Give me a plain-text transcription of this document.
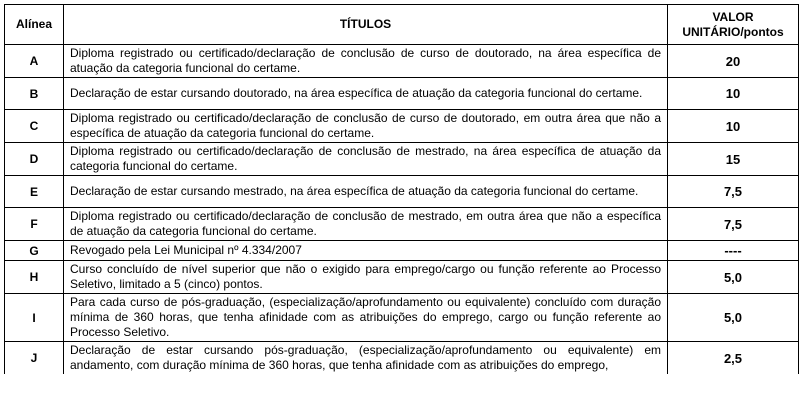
Alínea	TÍTULOS	VALOR
UNITÁRIO/pontos
A	Diploma registrado ou certificado/declaração de conclusão de curso de doutorado, na área específica de atuação da categoria funcional do certame.	20
B	Declaração de estar cursando doutorado, na área específica de atuação da categoria funcional do certame.	10
C	Diploma registrado ou certificado/declaração de conclusão de curso de doutorado, em outra área que não a específica de atuação da categoria funcional do certame.	10
D	Diploma registrado ou certificado/declaração de conclusão de mestrado, na área específica de atuação da categoria funcional do certame.	15
E	Declaração de estar cursando mestrado, na área específica de atuação da categoria funcional do certame.	7,5
F	Diploma registrado ou certificado/declaração de conclusão de mestrado, em outra área que não a específica de atuação da categoria funcional do certame.	7,5
G	Revogado pela Lei Municipal nº 4.334/2007	----
H	Curso concluído de nível superior que não o exigido para emprego/cargo ou função referente ao Processo Seletivo, limitado a 5 (cinco) pontos.	5,0
I	Para cada curso de pós-graduação, (especialização/aprofundamento ou equivalente) concluído com duração mínima de 360 horas, que tenha afinidade com as atribuições do emprego, cargo ou função referente ao Processo Seletivo.	5,0
J	Declaração de estar cursando pós-graduação, (especialização/aprofundamento ou equivalente) em andamento, com duração mínima de 360 horas, que tenha afinidade com as atribuições do emprego,	2,5
